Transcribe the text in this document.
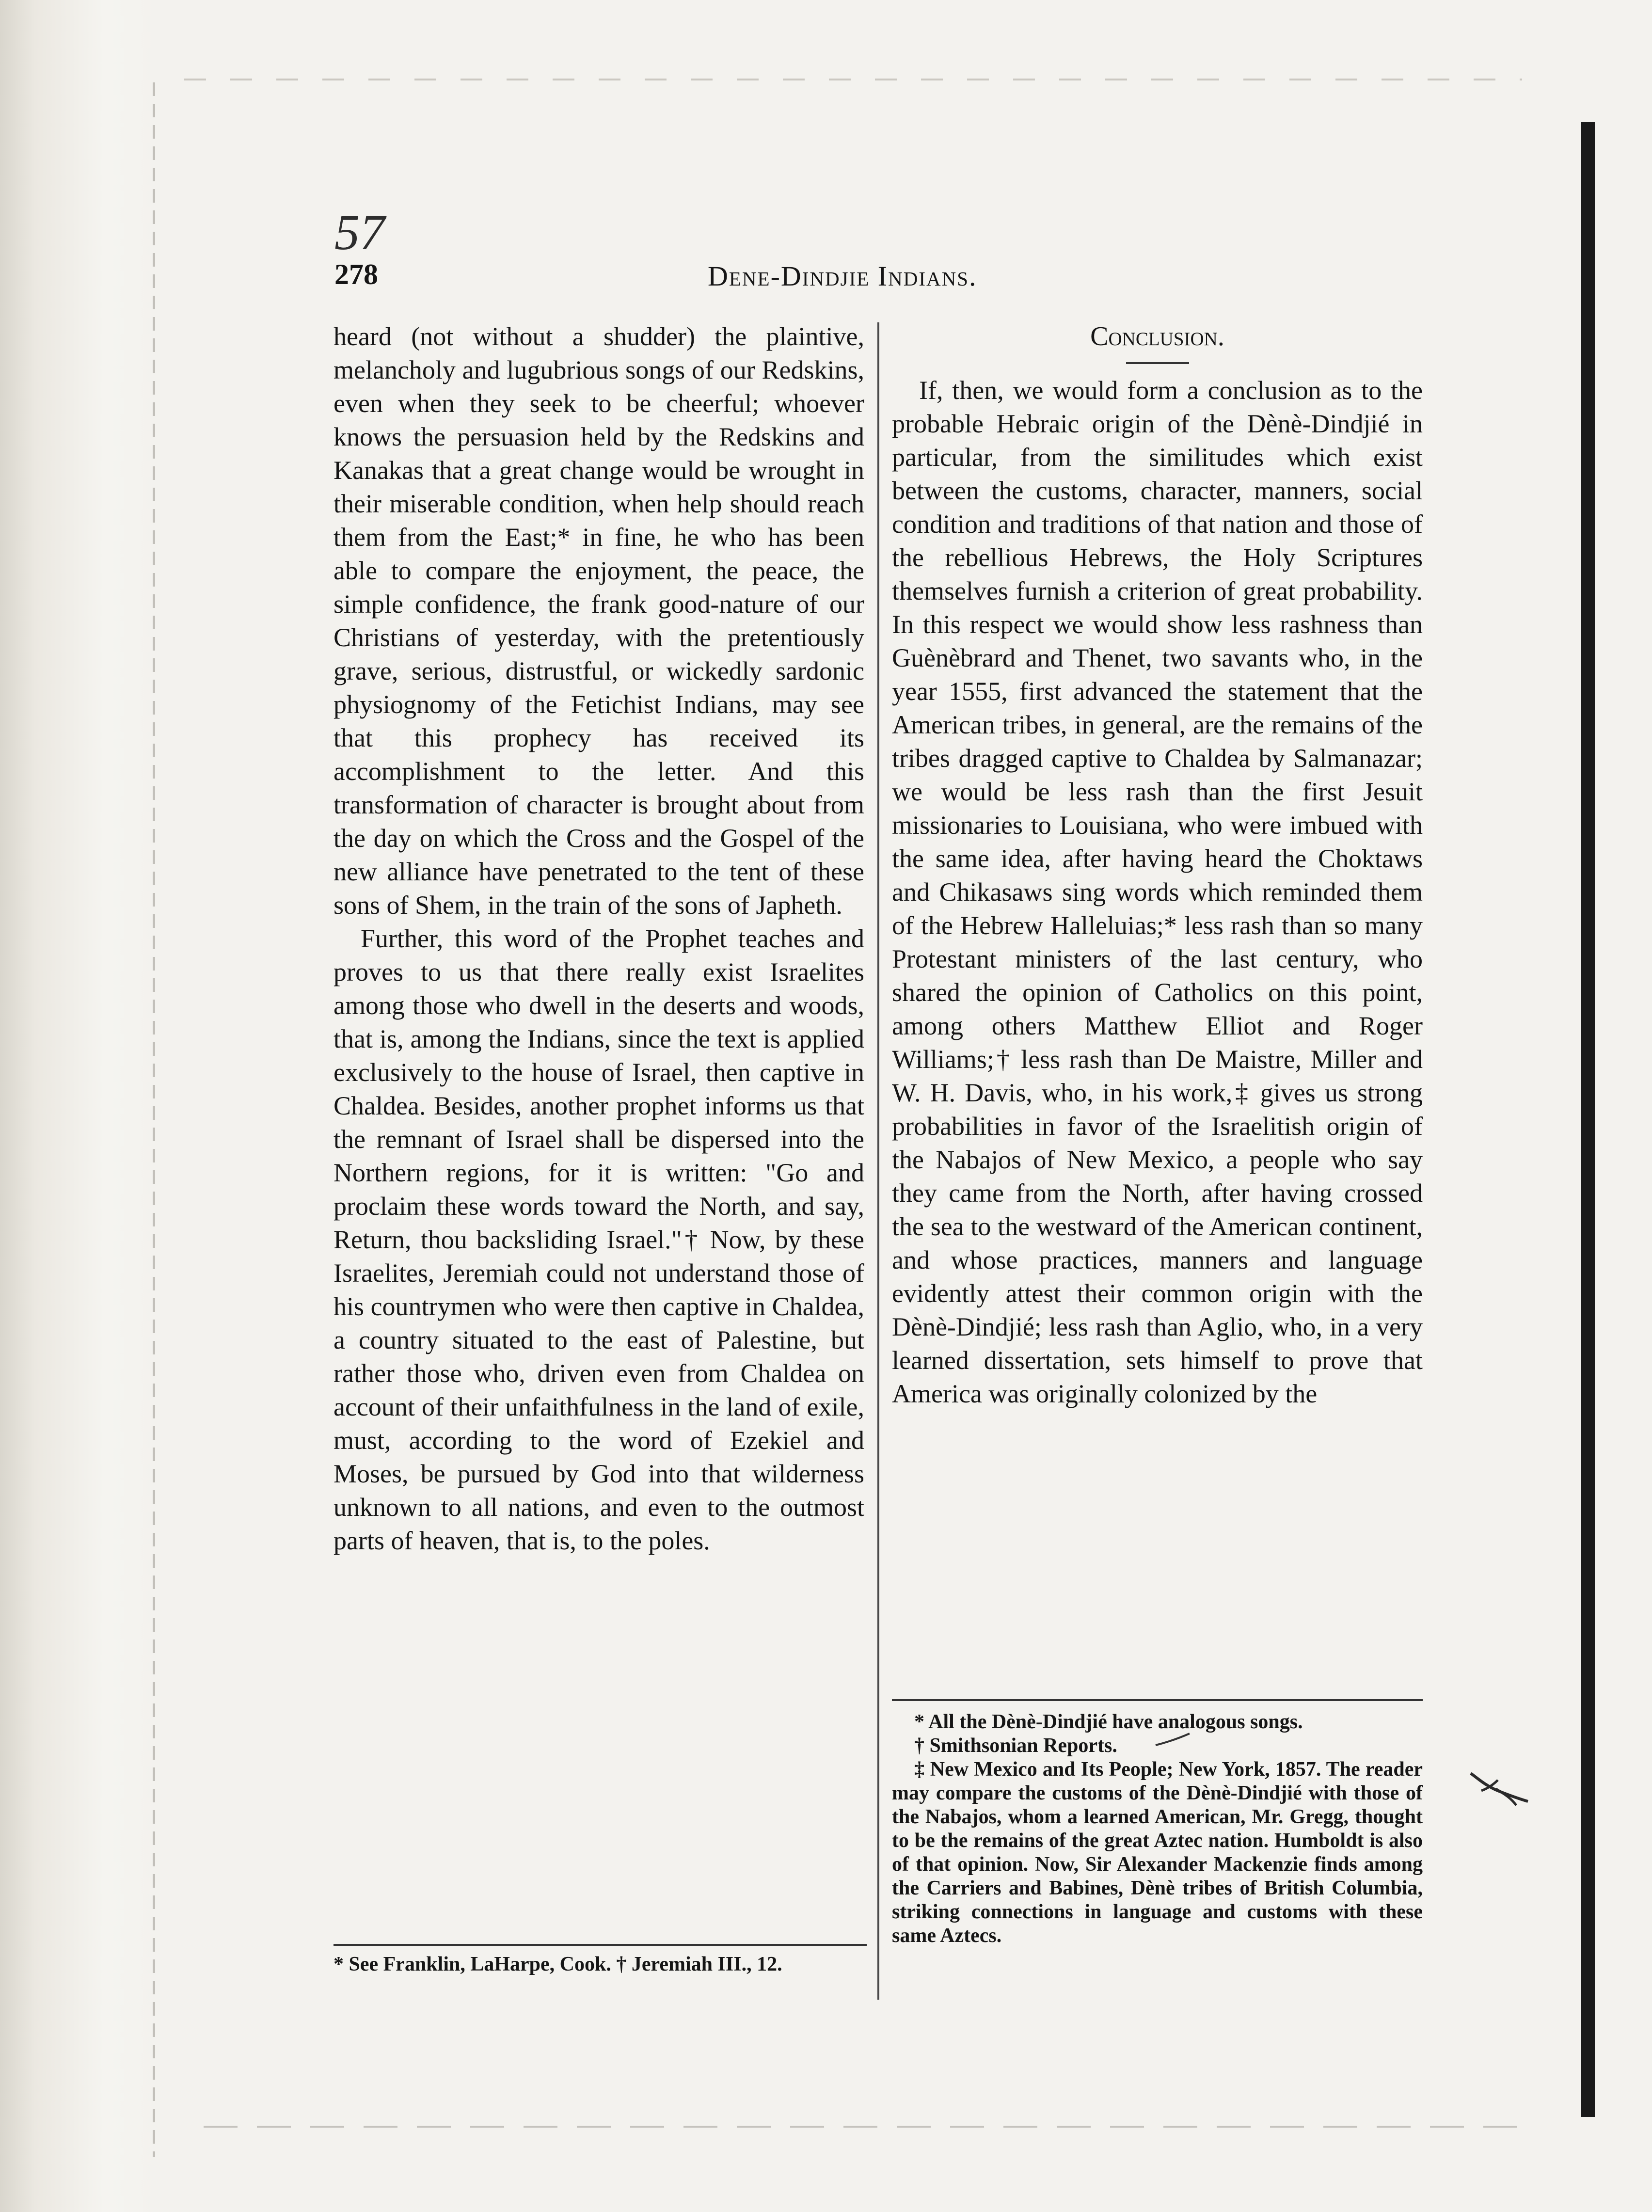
57
278	Dene-Dindjie Indians.

heard (not without a shudder) the plaintive, melancholy and lugubrious songs of our Redskins, even when they seek to be cheerful; whoever knows the persuasion held by the Redskins and Kanakas that a great change would be wrought in their miserable condition, when help should reach them from the East;* in fine, he who has been able to compare the enjoyment, the peace, the simple confidence, the frank good-nature of our Christians of yesterday, with the pretentiously grave, serious, distrustful, or wickedly sardonic physiognomy of the Fetichist Indians, may see that this prophecy has received its accomplishment to the letter. And this transformation of character is brought about from the day on which the Cross and the Gospel of the new alliance have penetrated to the tent of these sons of Shem, in the train of the sons of Japheth.

Further, this word of the Prophet teaches and proves to us that there really exist Israelites among those who dwell in the deserts and woods, that is, among the Indians, since the text is applied exclusively to the house of Israel, then captive in Chaldea. Besides, another prophet informs us that the remnant of Israel shall be dispersed into the Northern regions, for it is written: "Go and proclaim these words toward the North, and say, Return, thou backsliding Israel."† Now, by these Israelites, Jeremiah could not understand those of his countrymen who were then captive in Chaldea, a country situated to the east of Palestine, but rather those who, driven even from Chaldea on account of their unfaithfulness in the land of exile, must, according to the word of Ezekiel and Moses, be pursued by God into that wilderness unknown to all nations, and even to the outmost parts of heaven, that is, to the poles.

Conclusion.

If, then, we would form a conclusion as to the probable Hebraic origin of the Dènè-Dindjié in particular, from the similitudes which exist between the customs, character, manners, social condition and traditions of that nation and those of the rebellious Hebrews, the Holy Scriptures themselves furnish a criterion of great probability. In this respect we would show less rashness than Guènèbrard and Thenet, two savants who, in the year 1555, first advanced the statement that the American tribes, in general, are the remains of the tribes dragged captive to Chaldea by Salmanazar; we would be less rash than the first Jesuit missionaries to Louisiana, who were imbued with the same idea, after having heard the Choktaws and Chikasaws sing words which reminded them of the Hebrew Halleluias;* less rash than so many Protestant ministers of the last century, who shared the opinion of Catholics on this point, among others Matthew Elliot and Roger Williams;† less rash than De Maistre, Miller and W. H. Davis, who, in his work,‡ gives us strong probabilities in favor of the Israelitish origin of the Nabajos of New Mexico, a people who say they came from the North, after having crossed the sea to the westward of the American continent, and whose practices, manners and language evidently attest their common origin with the Dènè-Dindjié; less rash than Aglio, who, in a very learned dissertation, sets himself to prove that America was originally colonized by the

* See Franklin, LaHarpe, Cook. † Jeremiah III., 12.
* All the Dènè-Dindjié have analogous songs.
† Smithsonian Reports.
‡ New Mexico and Its People; New York, 1857. The reader may compare the customs of the Dènè-Dindjié with those of the Nabajos, whom a learned American, Mr. Gregg, thought to be the remains of the great Aztec nation. Humboldt is also of that opinion. Now, Sir Alexander Mackenzie finds among the Carriers and Babines, Dènè tribes of British Columbia, striking connections in language and customs with these same Aztecs.
